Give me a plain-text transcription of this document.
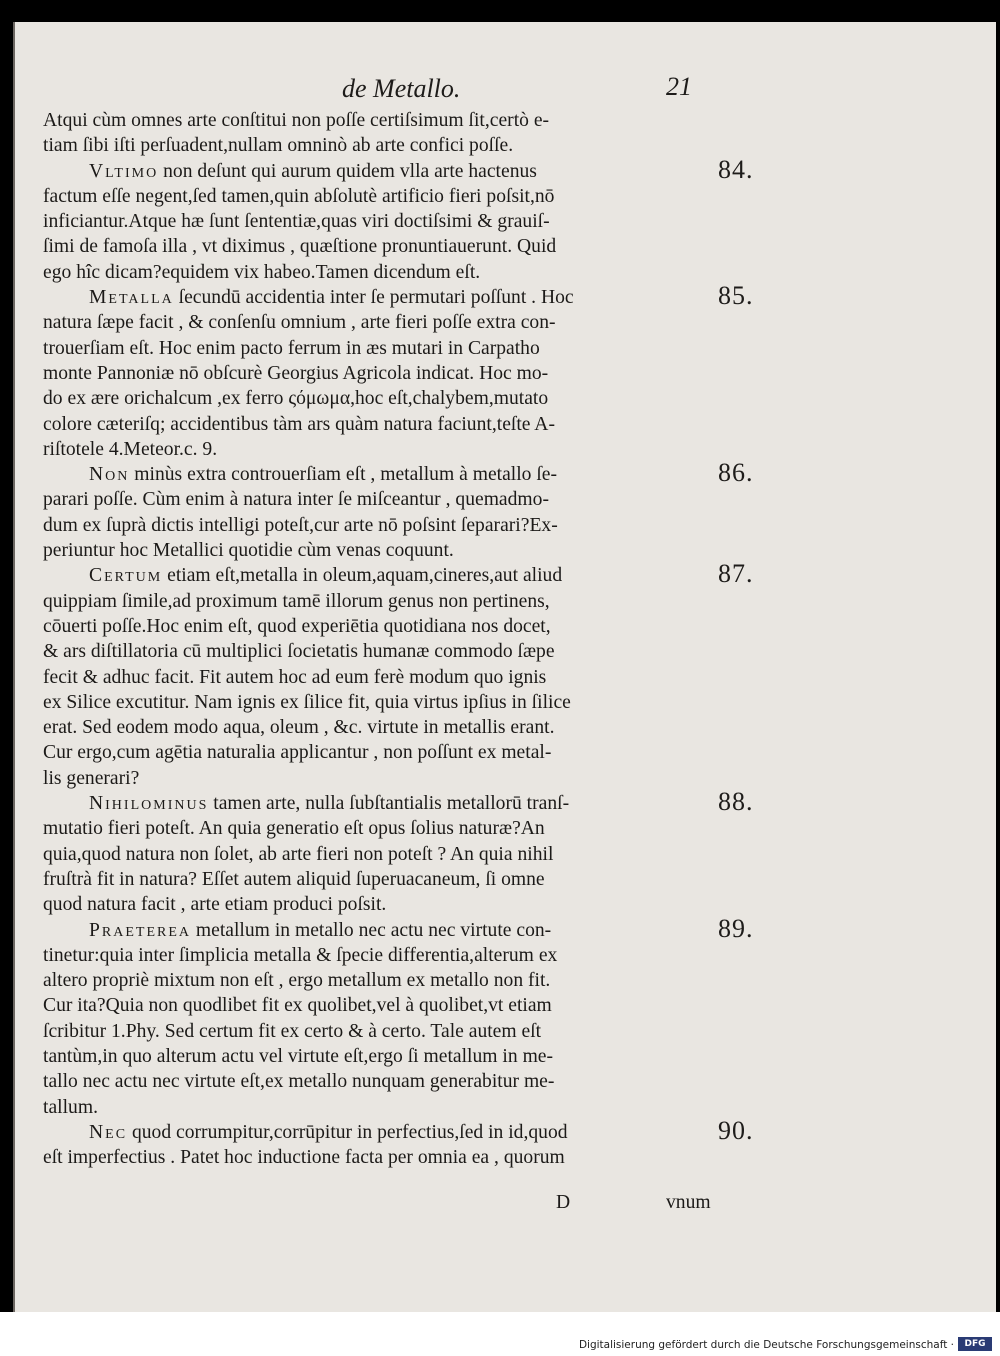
de Metallo.	21
Atqui cùm omnes arte conſtitui non poſſe certiſsimum ſit,certò e-
tiam ſibi iſti perſuadent,nullam omninò ab arte confici poſſe.
Vltimo non deſunt qui aurum quidem vlla arte hactenus
factum eſſe negent,ſed tamen,quin abſolutè artificio fieri poſsit,nō
inficiantur.Atque hæ ſunt ſententiæ,quas viri doctiſsimi & grauiſ-
ſimi de famoſa illa , vt diximus , quæſtione pronuntiauerunt. Quid
ego hîc dicam?equidem vix habeo.Tamen dicendum eſt.
Metalla ſecundū accidentia inter ſe permutari poſſunt . Hoc
natura ſæpe facit , & conſenſu omnium , arte fieri poſſe extra con-
trouerſiam eſt. Hoc enim pacto ferrum in æs mutari in Carpatho
monte Pannoniæ nō obſcurè Georgius Agricola indicat. Hoc mo-
do ex ære orichalcum ,ex ferro ςόμωμα,hoc eſt,chalybem,mutato
colore cæteriſq; accidentibus tàm ars quàm natura faciunt,teſte A-
riſtotele 4.Meteor.c. 9.
Non minùs extra controuerſiam eſt , metallum à metallo ſe-
parari poſſe. Cùm enim à natura inter ſe miſceantur , quemadmo-
dum ex ſuprà dictis intelligi poteſt,cur arte nō poſsint ſeparari?Ex-
periuntur hoc Metallici quotidie cùm venas coquunt.
Certum etiam eſt,metalla in oleum,aquam,cineres,aut aliud
quippiam ſimile,ad proximum tamē illorum genus non pertinens,
cōuerti poſſe.Hoc enim eſt, quod experiētia quotidiana nos docet,
& ars diſtillatoria cū multiplici ſocietatis humanæ commodo ſæpe
fecit & adhuc facit. Fit autem hoc ad eum ferè modum quo ignis
ex Silice excutitur. Nam ignis ex ſilice fit, quia virtus ipſius in ſilice
erat. Sed eodem modo aqua, oleum , &c. virtute in metallis erant.
Cur ergo,cum agētia naturalia applicantur , non poſſunt ex metal-
lis generari?
Nihilominus tamen arte, nulla ſubſtantialis metallorū tranſ-
mutatio fieri poteſt. An quia generatio eſt opus ſolius naturæ?An
quia,quod natura non ſolet, ab arte fieri non poteſt ? An quia nihil
fruſtrà fit in natura? Eſſet autem aliquid ſuperuacaneum, ſi omne
quod natura facit , arte etiam produci poſsit.
Praeterea metallum in metallo nec actu nec virtute con-
tinetur:quia inter ſimplicia metalla & ſpecie differentia,alterum ex
altero propriè mixtum non eſt , ergo metallum ex metallo non fit.
Cur ita?Quia non quodlibet fit ex quolibet,vel à quolibet,vt etiam
ſcribitur 1.Phy. Sed certum fit ex certo & à certo. Tale autem eſt
tantùm,in quo alterum actu vel virtute eſt,ergo ſi metallum in me-
tallo nec actu nec virtute eſt,ex metallo nunquam generabitur me-
tallum.
Nec quod corrumpitur,corrūpitur in perfectius,ſed in id,quod
eſt imperfectius . Patet hoc inductione facta per omnia ea , quorum
84.
85.
86.
87.
88.
89.
90.
D	vnum
Digitalisierung gefördert durch die Deutsche Forschungsgemeinschaft ·	DFG
